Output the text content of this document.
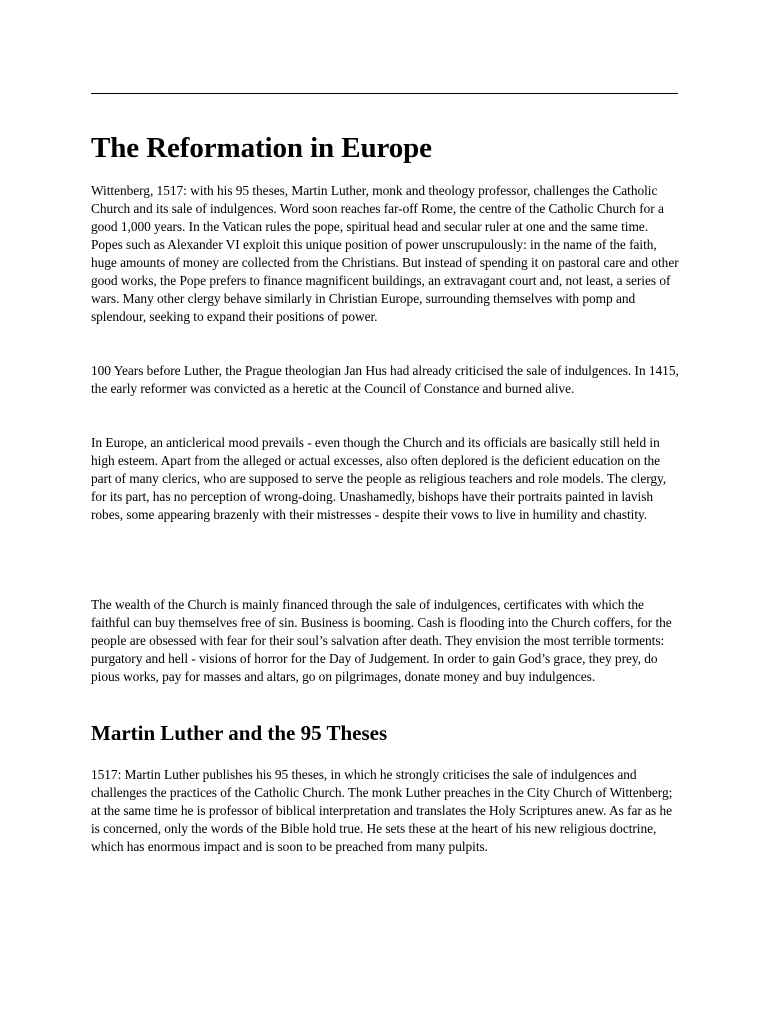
The Reformation in Europe

Wittenberg, 1517: with his 95 theses, Martin Luther, monk and theology professor, challenges the Catholic Church and its sale of indulgences. Word soon reaches far-off Rome, the centre of the Catholic Church for a good 1,000 years. In the Vatican rules the pope, spiritual head and secular ruler at one and the same time. Popes such as Alexander VI exploit this unique position of power unscrupulously: in the name of the faith, huge amounts of money are collected from the Christians. But instead of spending it on pastoral care and other good works, the Pope prefers to finance magnificent buildings, an extravagant court and, not least, a series of wars. Many other clergy behave similarly in Christian Europe, surrounding themselves with pomp and splendour, seeking to expand their positions of power.

100 Years before Luther, the Prague theologian Jan Hus had already criticised the sale of indulgences. In 1415, the early reformer was convicted as a heretic at the Council of Constance and burned alive.

In Europe, an anticlerical mood prevails - even though the Church and its officials are basically still held in high esteem. Apart from the alleged or actual excesses, also often deplored is the deficient education on the part of many clerics, who are supposed to serve the people as religious teachers and role models. The clergy, for its part, has no perception of wrong-doing. Unashamedly, bishops have their portraits painted in lavish robes, some appearing brazenly with their mistresses - despite their vows to live in humility and chastity.

The wealth of the Church is mainly financed through the sale of indulgences, certificates with which the faithful can buy themselves free of sin. Business is booming. Cash is flooding into the Church coffers, for the people are obsessed with fear for their soul’s salvation after death. They envision the most terrible torments: purgatory and hell - visions of horror for the Day of Judgement. In order to gain God’s grace, they prey, do pious works, pay for masses and altars, go on pilgrimages, donate money and buy indulgences.

Martin Luther and the 95 Theses

1517: Martin Luther publishes his 95 theses, in which he strongly criticises the sale of indulgences and challenges the practices of the Catholic Church. The monk Luther preaches in the City Church of Wittenberg; at the same time he is professor of biblical interpretation and translates the Holy Scriptures anew. As far as he is concerned, only the words of the Bible hold true. He sets these at the heart of his new religious doctrine, which has enormous impact and is soon to be preached from many pulpits.
